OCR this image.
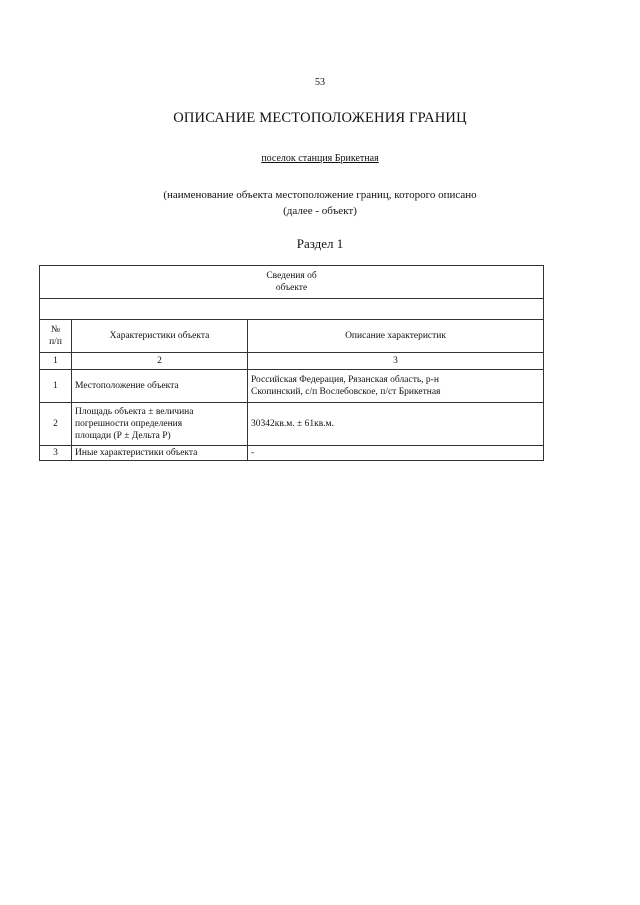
53
ОПИСАНИЕ МЕСТОПОЛОЖЕНИЯ ГРАНИЦ
поселок станция Брикетная
(наименование объекта местоположение границ, которого описано
(далее - объект)
Раздел 1
Сведения об
объекте		

№
п/п	Характеристики объекта	Описание характеристик
1	2	3
1	Местоположение объекта	Российская Федерация, Рязанская область, р-н
Скопинский, с/п Вослебовское, п/ст Брикетная

2	Площадь объекта ± величина
погрешности определения
площади (Р ± Дельта Р)	30342кв.м. ± 61кв.м.
3	Иные характеристики объекта	-
